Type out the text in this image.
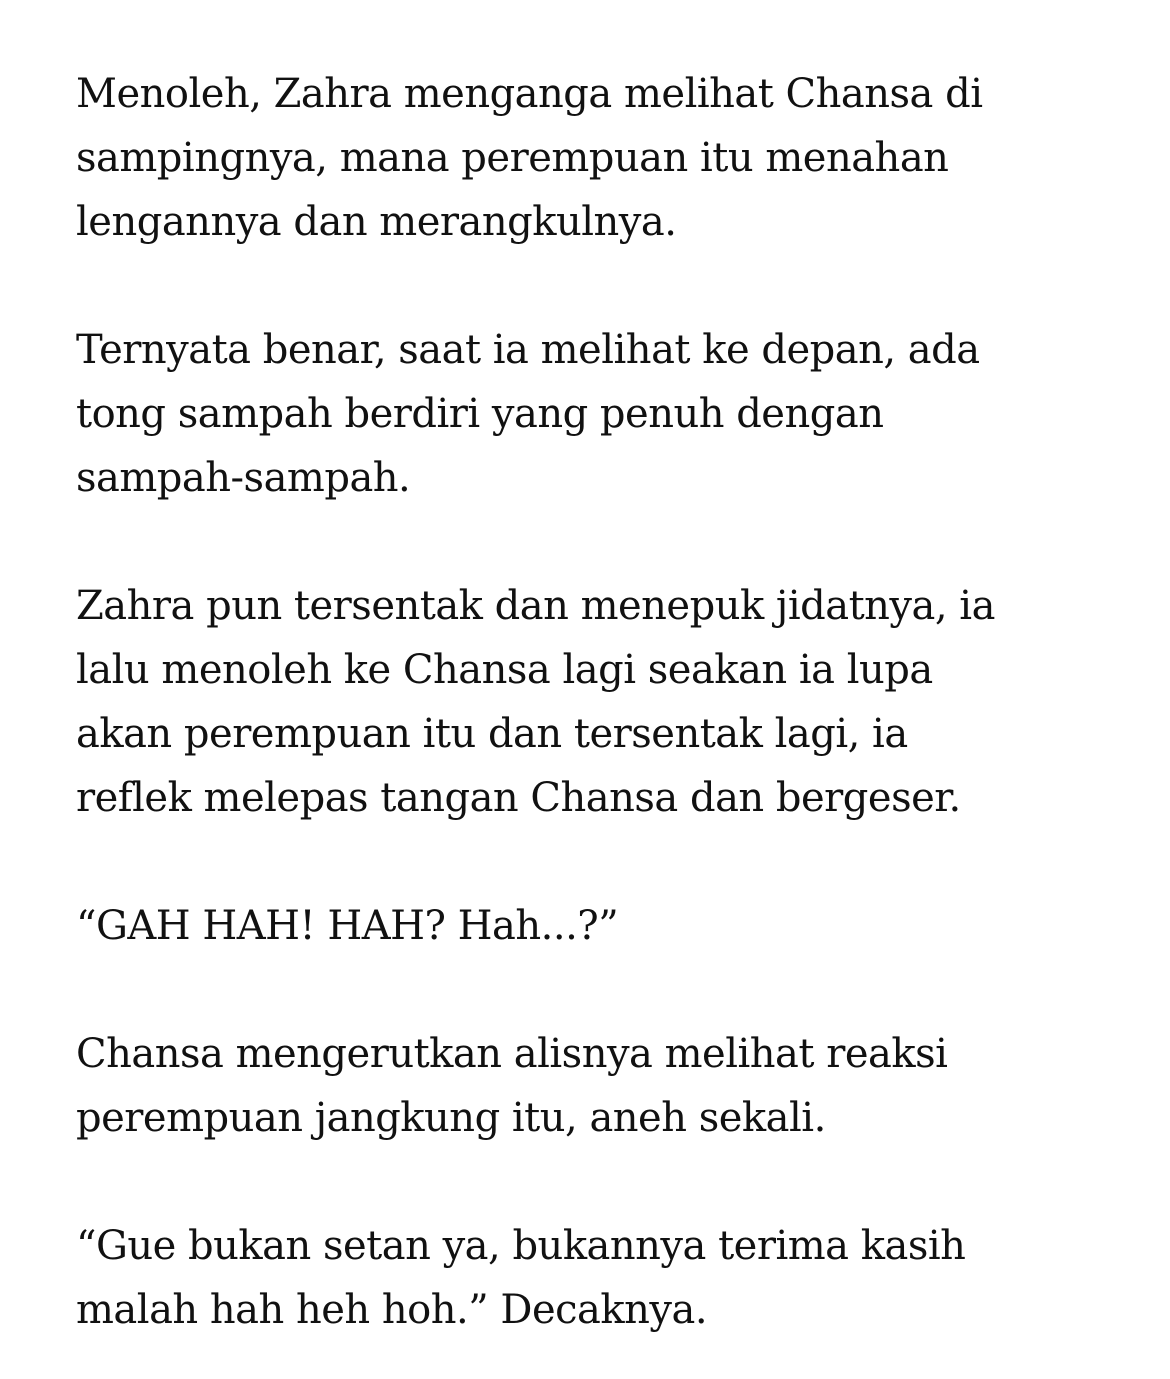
Menoleh, Zahra menganga melihat Chansa di
sampingnya, mana perempuan itu menahan
lengannya dan merangkulnya.

Ternyata benar, saat ia melihat ke depan, ada
tong sampah berdiri yang penuh dengan
sampah-sampah.

Zahra pun tersentak dan menepuk jidatnya, ia
lalu menoleh ke Chansa lagi seakan ia lupa
akan perempuan itu dan tersentak lagi, ia
reflek melepas tangan Chansa dan bergeser.

“GAH HAH! HAH? Hah...?”

Chansa mengerutkan alisnya melihat reaksi
perempuan jangkung itu, aneh sekali.

“Gue bukan setan ya, bukannya terima kasih
malah hah heh hoh.” Decaknya.
